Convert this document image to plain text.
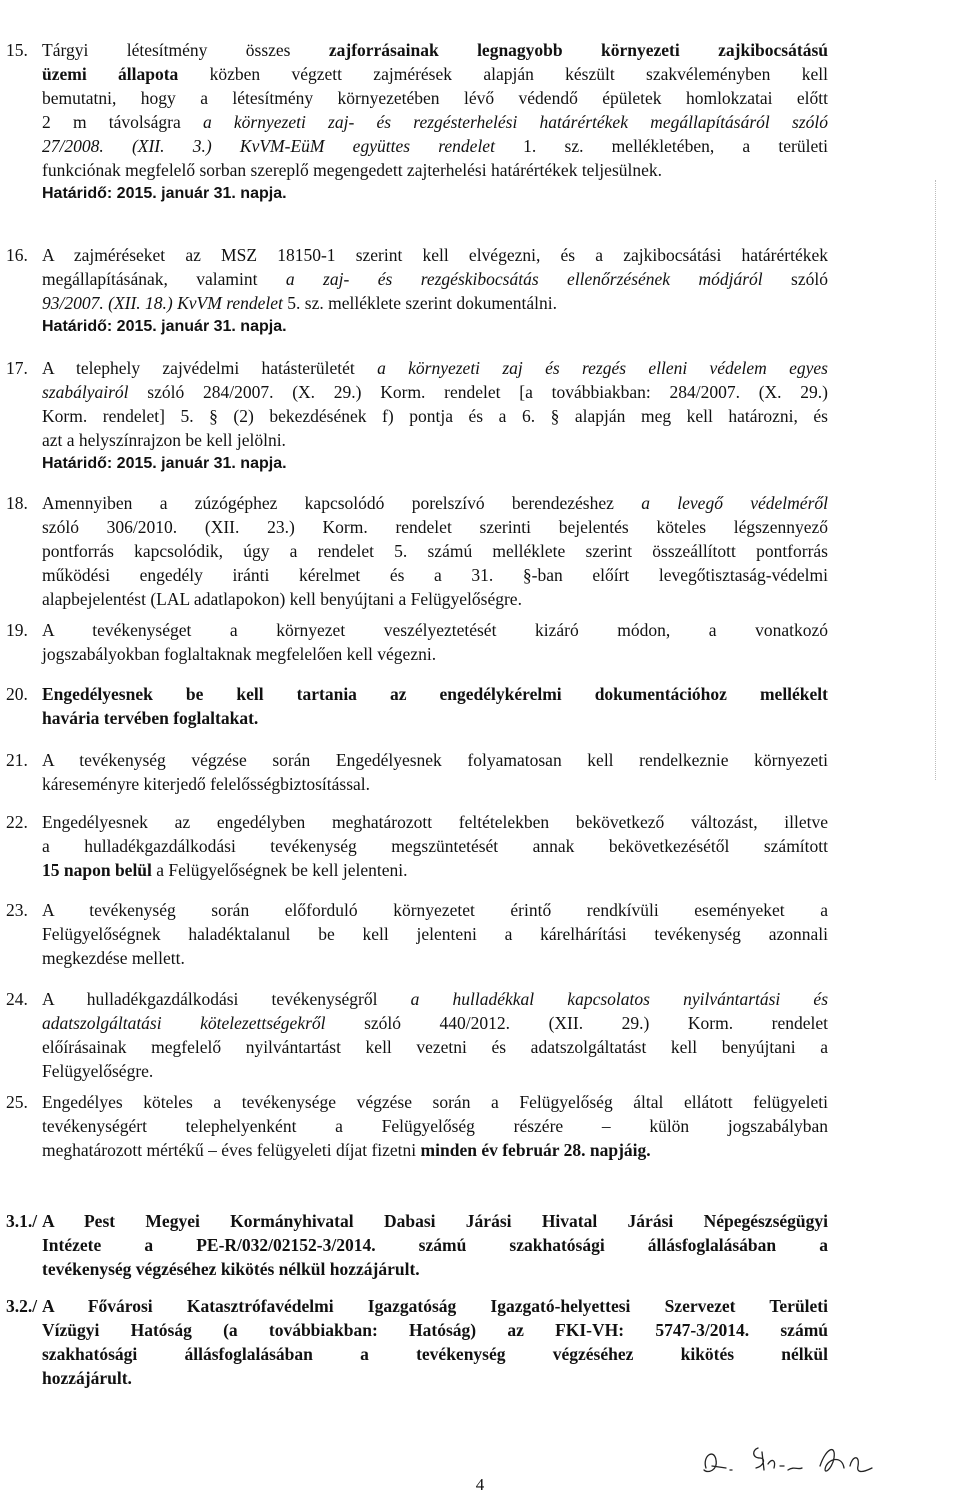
15. Tárgyi létesítmény összes zajforrásainak legnagyobb környezeti zajkibocsátású
üzemi állapota közben végzett zajmérések alapján készült szakvéleményben kell
bemutatni, hogy a létesítmény környezetében lévő védendő épületek homlokzatai előtt
2 m távolságra a környezeti zaj- és rezgésterhelési határértékek megállapításáról szóló
27/2008. (XII. 3.) KvVM-EüM együttes rendelet 1. sz. mellékletében, a területi
funkciónak megfelelő sorban szereplő megengedett zajterhelési határértékek teljesülnek.
Határidő: 2015. január 31. napja.
16. A zajméréseket az MSZ 18150-1 szerint kell elvégezni, és a zajkibocsátási határértékek
megállapításának, valamint a zaj- és rezgéskibocsátás ellenőrzésének módjáról szóló
93/2007. (XII. 18.) KvVM rendelet 5. sz. melléklete szerint dokumentálni.
Határidő: 2015. január 31. napja.
17. A telephely zajvédelmi hatásterületét a környezeti zaj és rezgés elleni védelem egyes
szabályairól szóló 284/2007. (X. 29.) Korm. rendelet [a továbbiakban: 284/2007. (X. 29.)
Korm. rendelet] 5. § (2) bekezdésének f) pontja és a 6. § alapján meg kell határozni, és
azt a helyszínrajzon be kell jelölni.
Határidő: 2015. január 31. napja.
18. Amennyiben a zúzógéphez kapcsolódó porelszívó berendezéshez a levegő védelméről
szóló 306/2010. (XII. 23.) Korm. rendelet szerinti bejelentés köteles légszennyező
pontforrás kapcsolódik, úgy a rendelet 5. számú melléklete szerint összeállított pontforrás
működési engedély iránti kérelmet és a 31. §-ban előírt levegőtisztaság-védelmi
alapbejelentést (LAL adatlapokon) kell benyújtani a Felügyelőségre.
19. A tevékenységet a környezet veszélyeztetését kizáró módon, a vonatkozó
jogszabályokban foglaltaknak megfelelően kell végezni.
20. Engedélyesnek be kell tartania az engedélykérelmi dokumentációhoz mellékelt
havária tervében foglaltakat.
21. A tevékenység végzése során Engedélyesnek folyamatosan kell rendelkeznie környezeti
káreseményre kiterjedő felelősségbiztosítással.
22. Engedélyesnek az engedélyben meghatározott feltételekben bekövetkező változást, illetve
a hulladékgazdálkodási tevékenység megszüntetését annak bekövetkezésétől számított
15 napon belül a Felügyelőségnek be kell jelenteni.
23. A tevékenység során előforduló környezetet érintő rendkívüli eseményeket a
Felügyelőségnek haladéktalanul be kell jelenteni a kárelhárítási tevékenység azonnali
megkezdése mellett.
24. A hulladékgazdálkodási tevékenységről a hulladékkal kapcsolatos nyilvántartási és
adatszolgáltatási kötelezettségekről szóló 440/2012. (XII. 29.) Korm. rendelet
előírásainak megfelelő nyilvántartást kell vezetni és adatszolgáltatást kell benyújtani a
Felügyelőségre.
25. Engedélyes köteles a tevékenysége végzése során a Felügyelőség által ellátott felügyeleti
tevékenységért telephelyenként a Felügyelőség részére – külön jogszabályban
meghatározott mértékű – éves felügyeleti díjat fizetni minden év február 28. napjáig.
3.1./ A Pest Megyei Kormányhivatal Dabasi Járási Hivatal Járási Népegészségügyi
Intézete a PE-R/032/02152-3/2014. számú szakhatósági állásfoglalásában a
tevékenység végzéséhez kikötés nélkül hozzájárult.
3.2./ A Fővárosi Katasztrófavédelmi Igazgatóság Igazgató-helyettesi Szervezet Területi
Vízügyi Hatóság (a továbbiakban: Hatóság) az FKI-VH: 5747-3/2014. számú
szakhatósági állásfoglalásában a tevékenység végzéséhez kikötés nélkül
hozzájárult.
4
